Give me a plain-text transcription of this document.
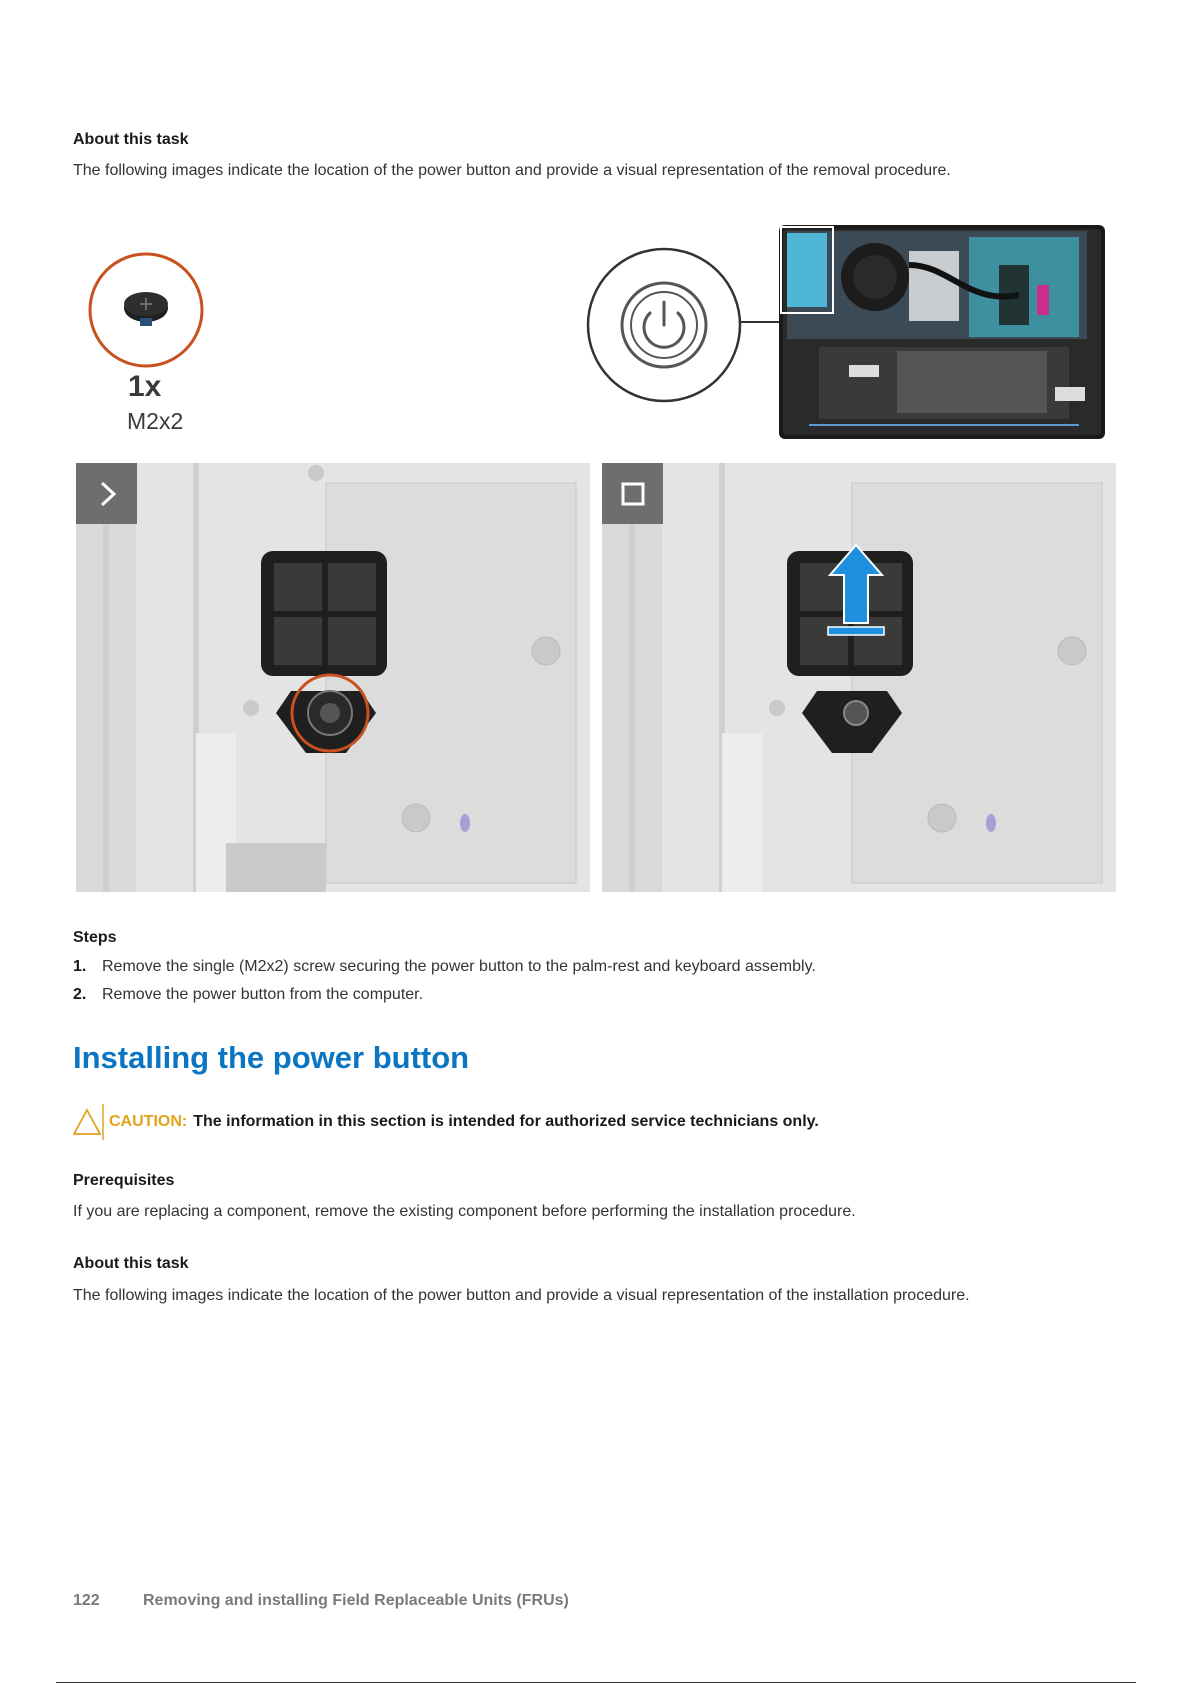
About this task

The following images indicate the location of the power button and provide a visual representation of the removal procedure.

1x
M2x2
Steps
1. Remove the single (M2x2) screw securing the power button to the palm-rest and keyboard assembly.
2. Remove the power button from the computer.
Installing the power button
CAUTION: The information in this section is intended for authorized service technicians only.
Prerequisites

If you are replacing a component, remove the existing component before performing the installation procedure.

About this task

The following images indicate the location of the power button and provide a visual representation of the installation procedure.

122	Removing and installing Field Replaceable Units (FRUs)
